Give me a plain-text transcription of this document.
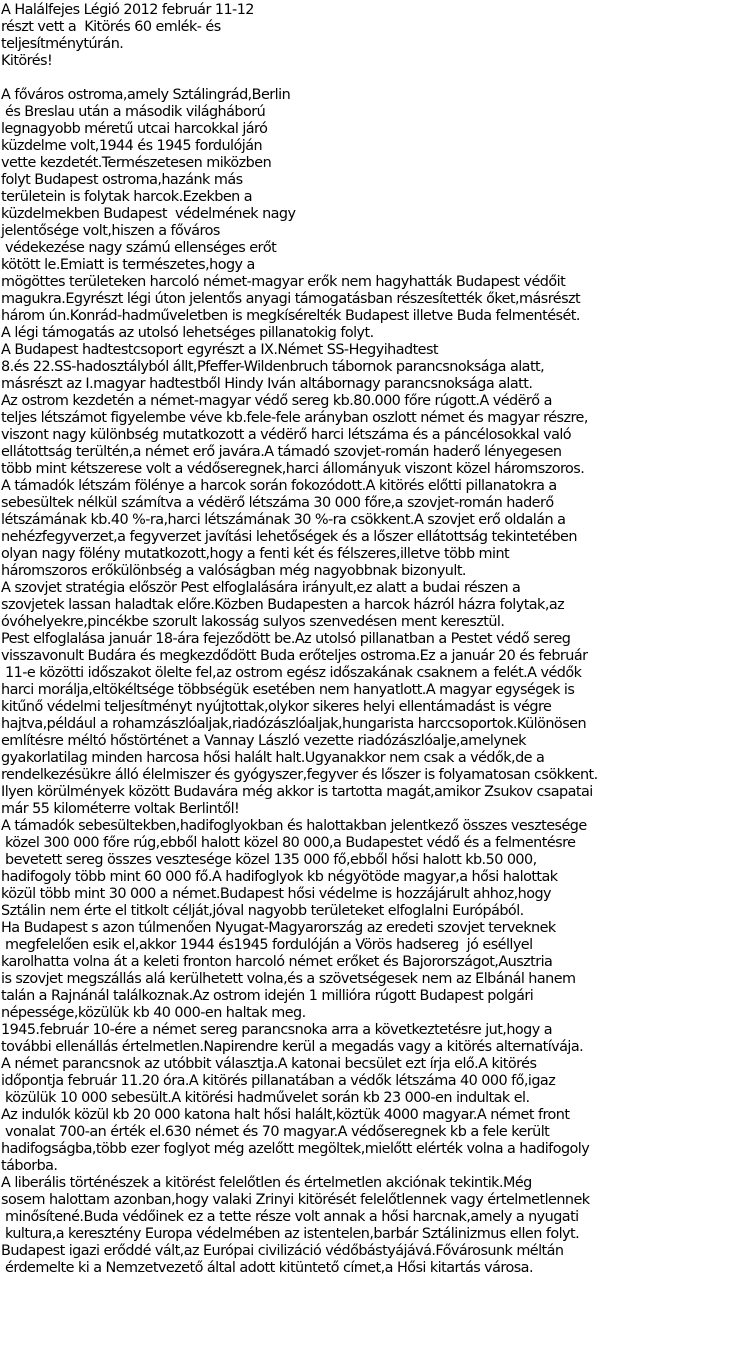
A Halálfejes Légió 2012 február 11-12
részt vett a  Kitörés 60 emlék- és
teljesítménytúrán.
Kitörés!
A főváros ostroma,amely Sztálingrád,Berlin
és Breslau után a második világháború
legnagyobb méretű utcai harcokkal járó
küzdelme volt,1944 és 1945 fordulóján
vette kezdetét.Természetesen miközben
folyt Budapest ostroma,hazánk más
területein is folytak harcok.Ezekben a
küzdelmekben Budapest  védelmének nagy
jelentősége volt,hiszen a főváros
védekezése nagy számú ellenséges erőt
kötött le.Emiatt is természetes,hogy a
mögöttes területeken harcoló német-magyar erők nem hagyhatták Budapest védőit
magukra.Egyrészt légi úton jelentős anyagi támogatásban részesítették őket,másrészt
három ún.Konrád-hadműveletben is megkísérelték Budapest illetve Buda felmentését.
A légi támogatás az utolsó lehetséges pillanatokig folyt.
A Budapest hadtestcsoport egyrészt a IX.Német SS-Hegyihadtest
8.és 22.SS-hadosztályból állt,Pfeffer-Wildenbruch tábornok parancsnoksága alatt,
másrészt az I.magyar hadtestből Hindy Iván altábornagy parancsnoksága alatt.
Az ostrom kezdetén a német-magyar védő sereg kb.80.000 főre rúgott.A védërő a
teljes létszámot figyelembe véve kb.fele-fele arányban oszlott német és magyar részre,
viszont nagy különbség mutatkozott a védërő harci létszáma és a páncélosokkal való
ellátottság terültén,a német erő javára.A támadó szovjet-román haderő lényegesen
több mint kétszerese volt a védőseregnek,harci állományuk viszont közel háromszoros.
A támadók létszám fölénye a harcok során fokozódott.A kitörés előtti pillanatokra a
sebesültek nélkül számítva a védërő létszáma 30 000 főre,a szovjet-román haderő
létszámának kb.40 %-ra,harci létszámának 30 %-ra csökkent.A szovjet erő oldalán a
nehézfegyverzet,a fegyverzet javítási lehetőségek és a lőszer ellátottság tekintetében
olyan nagy fölény mutatkozott,hogy a fenti két és félszeres,illetve több mint
háromszoros erőkülönbség a valóságban még nagyobbnak bizonyult.
A szovjet stratégia először Pest elfoglalására irányult,ez alatt a budai részen a
szovjetek lassan haladtak előre.Közben Budapesten a harcok házról házra folytak,az
óvóhelyekre,pincékbe szorult lakosság sulyos szenvedésen ment keresztül.
Pest elfoglalása január 18-ára fejeződött be.Az utolsó pillanatban a Pestet védő sereg
visszavonult Budára és megkezdődött Buda erőteljes ostroma.Ez a január 20 és február
11-e közötti időszakot ölelte fel,az ostrom egész időszakának csaknem a felét.A védők
harci morálja,eltökéltsége többségük esetében nem hanyatlott.A magyar egységek is
kitűnő védelmi teljesítményt nyújtottak,olykor sikeres helyi ellentámadást is végre
hajtva,például a rohamzászlóaljak,riadózászlóaljak,hungarista harccsoportok.Különösen
említésre méltó hőstörténet a Vannay László vezette riadózászlóalje,amelynek
gyakorlatilag minden harcosa hősi halált halt.Ugyanakkor nem csak a védők,de a
rendelkezésükre álló élelmiszer és gyógyszer,fegyver és lőszer is folyamatosan csökkent.
Ilyen körülmények között Budavára még akkor is tartotta magát,amikor Zsukov csapatai
már 55 kilométerre voltak Berlintől!
A támadók sebesültekben,hadifoglyokban és halottakban jelentkező összes vesztesége
közel 300 000 főre rúg,ebből halott közel 80 000,a Budapestet védő és a felmentésre
bevetett sereg összes vesztesége közel 135 000 fő,ebből hősi halott kb.50 000,
hadifogoly több mint 60 000 fő.A hadifoglyok kb négyötöde magyar,a hősi halottak
közül több mint 30 000 a német.Budapest hősi védelme is hozzájárult ahhoz,hogy
Sztálin nem érte el titkolt célját,jóval nagyobb területeket elfoglalni Európából.
Ha Budapest s azon túlmenően Nyugat-Magyarország az eredeti szovjet terveknek
megfelelően esik el,akkor 1944 és1945 fordulóján a Vörös hadsereg  jó eséllyel
karolhatta volna át a keleti fronton harcoló német erőket és Bajorországot,Ausztria
is szovjet megszállás alá kerülhetett volna,és a szövetségesek nem az Elbánál hanem
talán a Rajnánál találkoznak.Az ostrom idején 1 millióra rúgott Budapest polgári
népessége,közülük kb 40 000-en haltak meg.
1945.február 10-ére a német sereg parancsnoka arra a következtetésre jut,hogy a
további ellenállás értelmetlen.Napirendre kerül a megadás vagy a kitörés alternatívája.
A német parancsnok az utóbbit választja.A katonai becsület ezt írja elő.A kitörés
időpontja február 11.20 óra.A kitörés pillanatában a védők létszáma 40 000 fő,igaz
közülük 10 000 sebesült.A kitörési hadművelet során kb 23 000-en indultak el.
Az indulók közül kb 20 000 katona halt hősi halált,köztük 4000 magyar.A német front
vonalat 700-an érték el.630 német és 70 magyar.A védőseregnek kb a fele került
hadifogságba,több ezer foglyot még azelőtt megöltek,mielőtt elérték volna a hadifogoly
táborba.
A liberális történészek a kitörést felelőtlen és értelmetlen akciónak tekintik.Még
sosem halottam azonban,hogy valaki Zrinyi kitörését felelőtlennek vagy értelmetlennek
minősítené.Buda védőinek ez a tette része volt annak a hősi harcnak,amely a nyugati
kultura,a keresztény Europa védelmében az istentelen,barbár Sztálinizmus ellen folyt.
Budapest igazi erőddé vált,az Európai civilizáció védőbástyájává.Fővárosunk méltán
érdemelte ki a Nemzetvezető által adott kitüntető címet,a Hősi kitartás városa.
